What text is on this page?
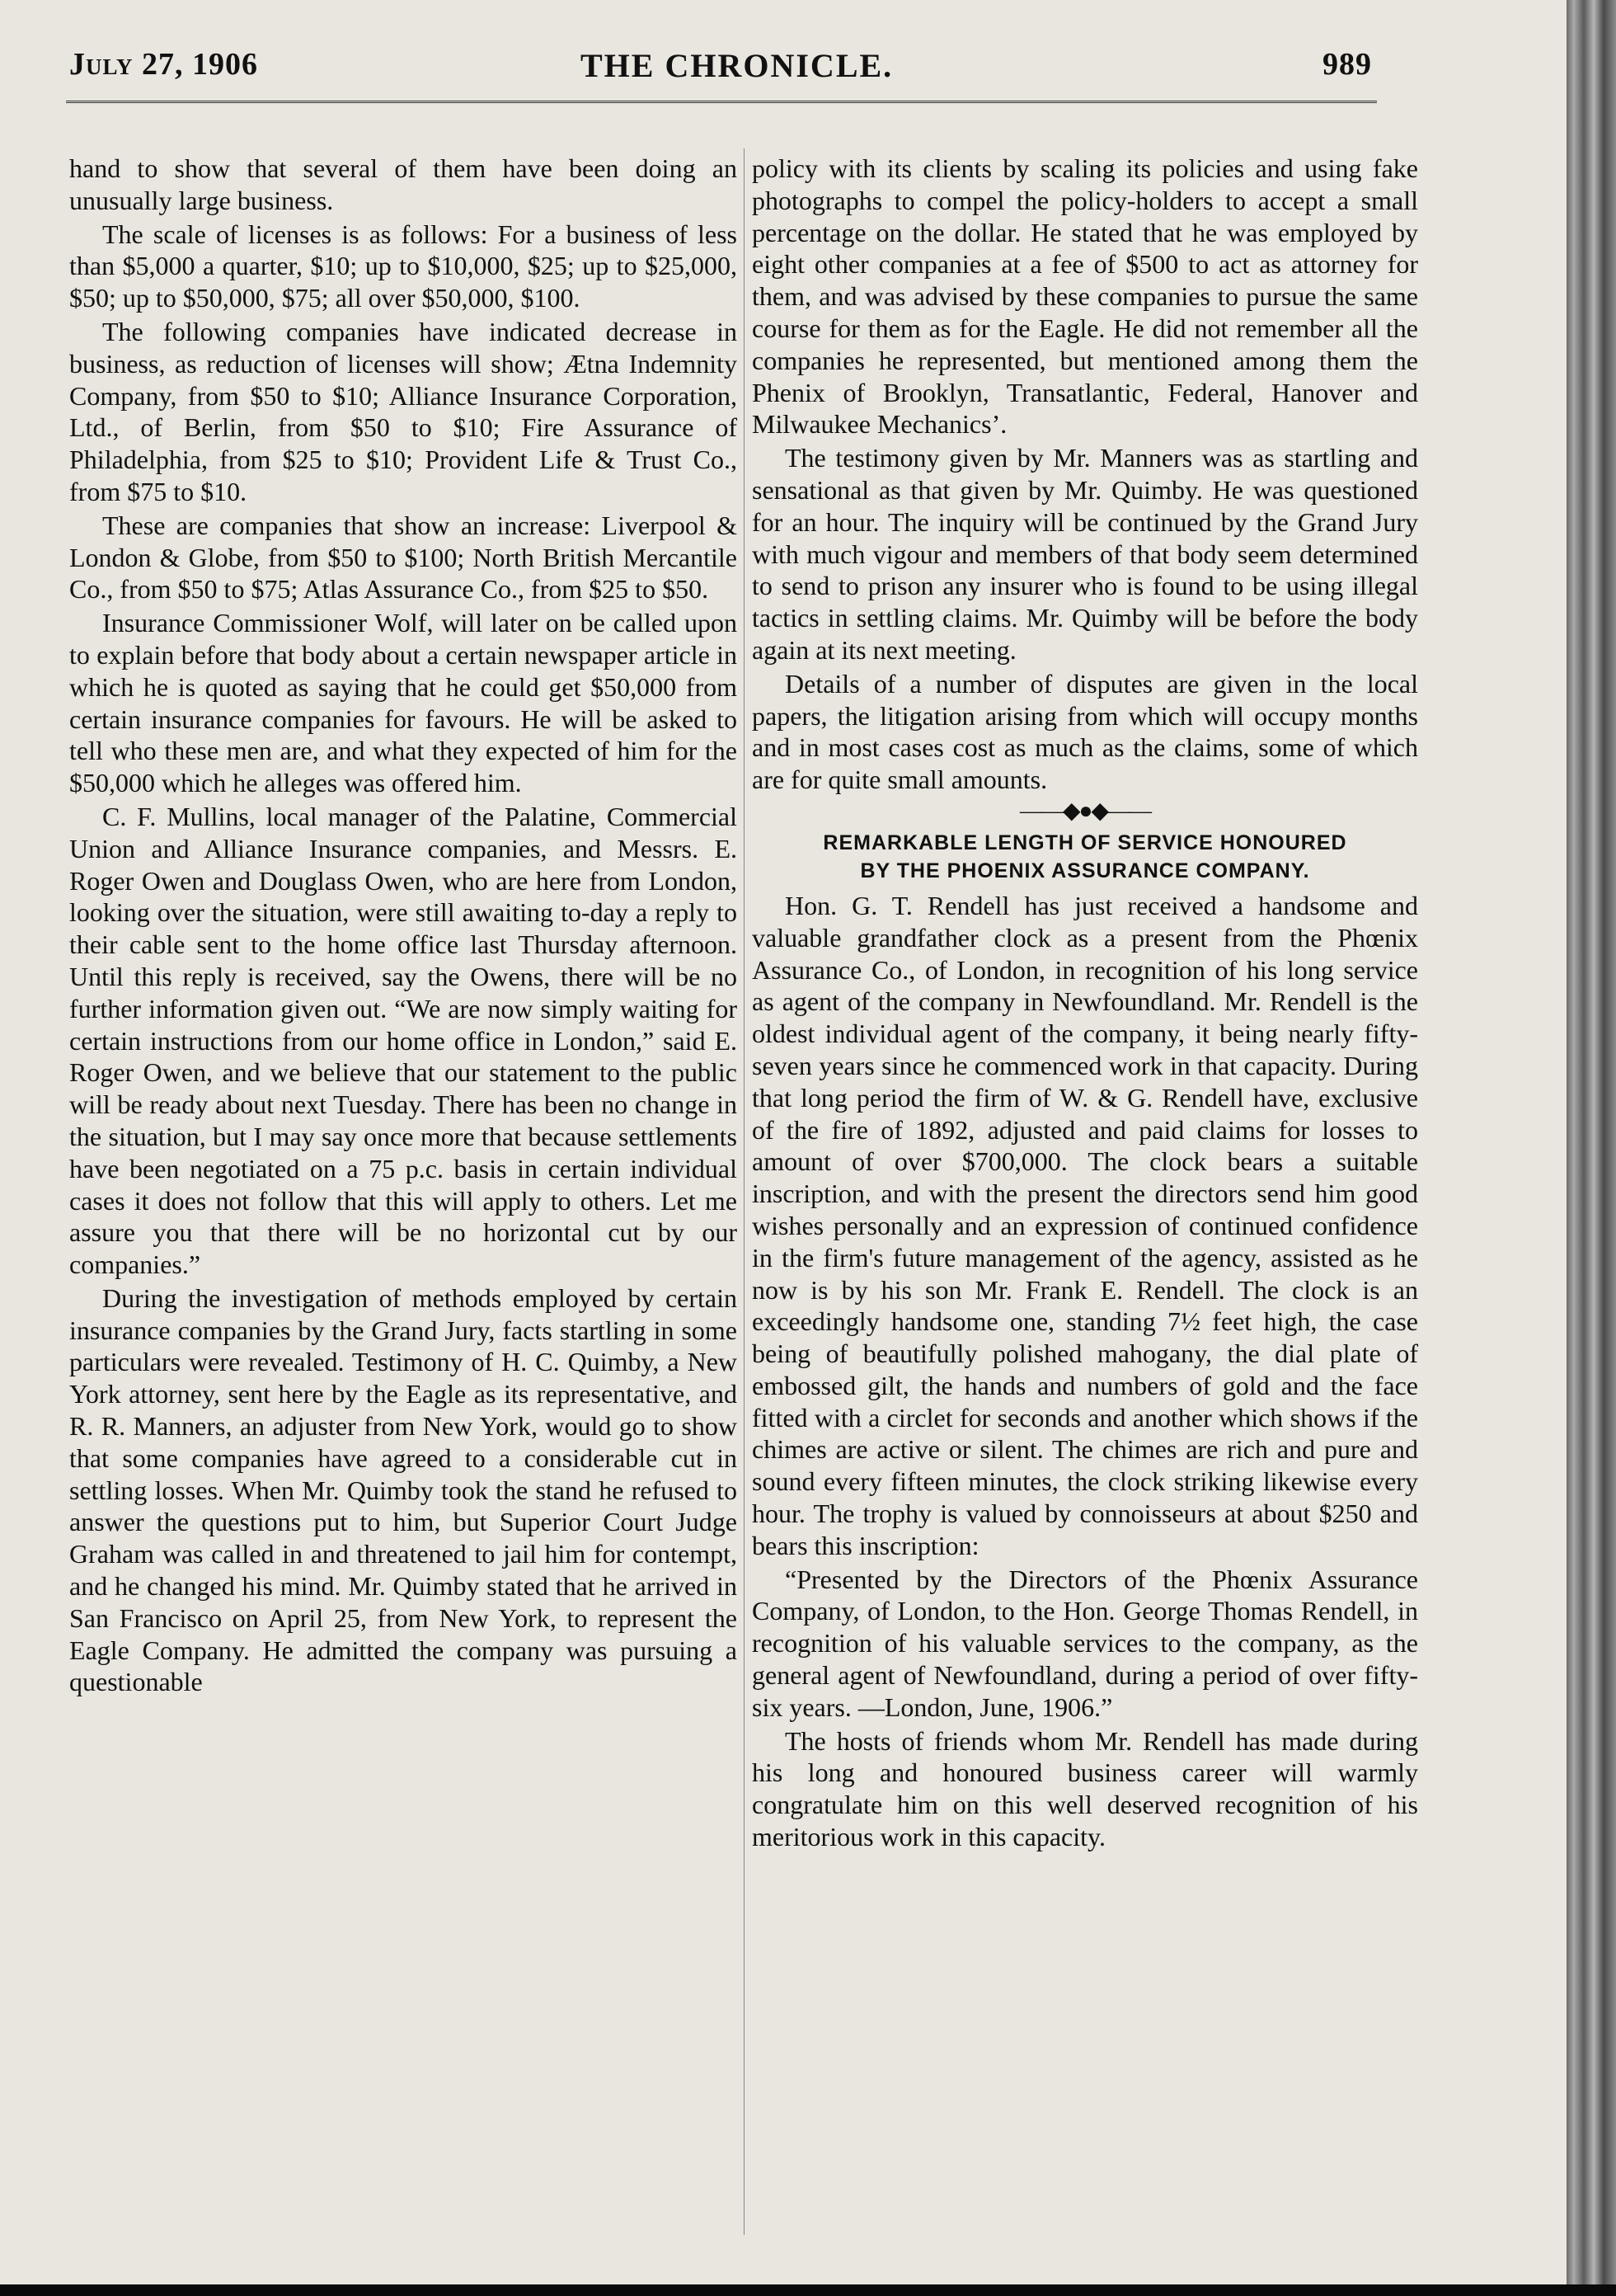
July 27, 1906	THE CHRONICLE.	989

hand to show that several of them have been doing an unusually large business.

The scale of licenses is as follows: For a business of less than $5,000 a quarter, $10; up to $10,000, $25; up to $25,000, $50; up to $50,000, $75; all over $50,000, $100.

The following companies have indicated decrease in business, as reduction of licenses will show; Ætna Indemnity Company, from $50 to $10; Alliance Insurance Corporation, Ltd., of Berlin, from $50 to $10; Fire Assurance of Philadelphia, from $25 to $10; Provident Life & Trust Co., from $75 to $10.

These are companies that show an increase: Liverpool & London & Globe, from $50 to $100; North British Mercantile Co., from $50 to $75; Atlas Assurance Co., from $25 to $50.

Insurance Commissioner Wolf, will later on be called upon to explain before that body about a certain newspaper article in which he is quoted as saying that he could get $50,000 from certain insurance companies for favours. He will be asked to tell who these men are, and what they expected of him for the $50,000 which he alleges was offered him.

C. F. Mullins, local manager of the Palatine, Commercial Union and Alliance Insurance companies, and Messrs. E. Roger Owen and Douglass Owen, who are here from London, looking over the situation, were still awaiting to-day a reply to their cable sent to the home office last Thursday afternoon. Until this reply is received, say the Owens, there will be no further information given out. “We are now simply waiting for certain instructions from our home office in London,” said E. Roger Owen, and we believe that our statement to the public will be ready about next Tuesday. There has been no change in the situation, but I may say once more that because settlements have been negotiated on a 75 p.c. basis in certain individual cases it does not follow that this will apply to others. Let me assure you that there will be no horizontal cut by our companies.”

During the investigation of methods employed by certain insurance companies by the Grand Jury, facts startling in some particulars were revealed. Testimony of H. C. Quimby, a New York attorney, sent here by the Eagle as its representative, and R. R. Manners, an adjuster from New York, would go to show that some companies have agreed to a considerable cut in settling losses. When Mr. Quimby took the stand he refused to answer the questions put to him, but Superior Court Judge Graham was called in and threatened to jail him for contempt, and he changed his mind. Mr. Quimby stated that he arrived in San Francisco on April 25, from New York, to represent the Eagle Company. He admitted the company was pursuing a questionable

policy with its clients by scaling its policies and using fake photographs to compel the policy-holders to accept a small percentage on the dollar. He stated that he was employed by eight other companies at a fee of $500 to act as attorney for them, and was advised by these companies to pursue the same course for them as for the Eagle. He did not remember all the companies he represented, but mentioned among them the Phenix of Brooklyn, Transatlantic, Federal, Hanover and Milwaukee Mechanics’.

The testimony given by Mr. Manners was as startling and sensational as that given by Mr. Quimby. He was questioned for an hour. The inquiry will be continued by the Grand Jury with much vigour and members of that body seem determined to send to prison any insurer who is found to be using illegal tactics in settling claims. Mr. Quimby will be before the body again at its next meeting.

Details of a number of disputes are given in the local papers, the litigation arising from which will occupy months and in most cases cost as much as the claims, some of which are for quite small amounts.

——◆●◆——
REMARKABLE LENGTH OF SERVICE HONOURED
BY THE PHOENIX ASSURANCE COMPANY.

Hon. G. T. Rendell has just received a handsome and valuable grandfather clock as a present from the Phœnix Assurance Co., of London, in recognition of his long service as agent of the company in Newfoundland. Mr. Rendell is the oldest individual agent of the company, it being nearly fifty-seven years since he commenced work in that capacity. During that long period the firm of W. & G. Rendell have, exclusive of the fire of 1892, adjusted and paid claims for losses to amount of over $700,000. The clock bears a suitable inscription, and with the present the directors send him good wishes personally and an expression of continued confidence in the firm's future management of the agency, assisted as he now is by his son Mr. Frank E. Rendell. The clock is an exceedingly handsome one, standing 7½ feet high, the case being of beautifully polished mahogany, the dial plate of embossed gilt, the hands and numbers of gold and the face fitted with a circlet for seconds and another which shows if the chimes are active or silent. The chimes are rich and pure and sound every fifteen minutes, the clock striking likewise every hour. The trophy is valued by connoisseurs at about $250 and bears this inscription:

“Presented by the Directors of the Phœnix Assurance Company, of London, to the Hon. George Thomas Rendell, in recognition of his valuable services to the company, as the general agent of Newfoundland, during a period of over fifty-six years. —London, June, 1906.”

The hosts of friends whom Mr. Rendell has made during his long and honoured business career will warmly congratulate him on this well deserved recognition of his meritorious work in this capacity.
